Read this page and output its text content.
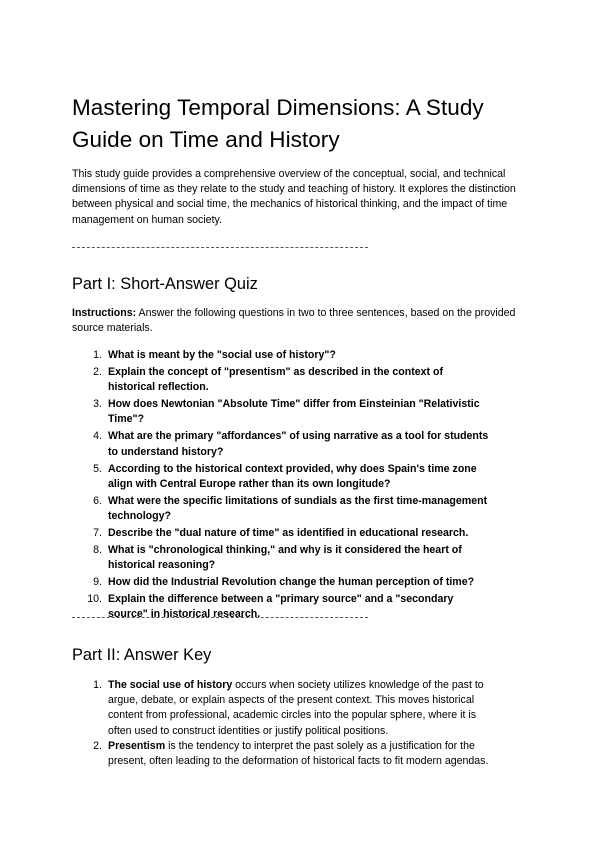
Mastering Temporal Dimensions: A Study Guide on Time and History

This study guide provides a comprehensive overview of the conceptual, social, and technical dimensions of time as they relate to the study and teaching of history. It explores the distinction between physical and social time, the mechanics of historical thinking, and the impact of time management on human society.

Part I: Short-Answer Quiz

Instructions: Answer the following questions in two to three sentences, based on the provided source materials.

1. What is meant by the "social use of history"?
2. Explain the concept of "presentism" as described in the context of historical reflection.
3. How does Newtonian "Absolute Time" differ from Einsteinian "Relativistic Time"?
4. What are the primary "affordances" of using narrative as a tool for students to understand history?
5. According to the historical context provided, why does Spain's time zone align with Central Europe rather than its own longitude?
6. What were the specific limitations of sundials as the first time-management technology?
7. Describe the "dual nature of time" as identified in educational research.
8. What is "chronological thinking," and why is it considered the heart of historical reasoning?
9. How did the Industrial Revolution change the human perception of time?
10. Explain the difference between a "primary source" and a "secondary source" in historical research.
Part II: Answer Key
1. The social use of history occurs when society utilizes knowledge of the past to argue, debate, or explain aspects of the present context. This moves historical content from professional, academic circles into the popular sphere, where it is often used to construct identities or justify political positions.
2. Presentism is the tendency to interpret the past solely as a justification for the present, often leading to the deformation of historical facts to fit modern agendas.
